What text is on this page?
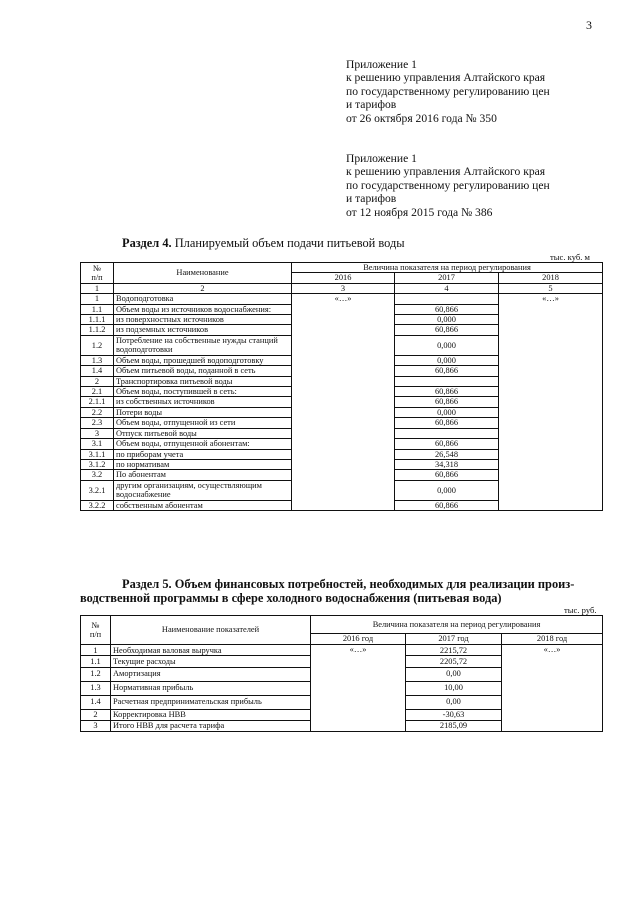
3
Приложение 1
к решению управления Алтайского края
по государственному регулированию цен
и тарифов
от 26 октября 2016 года № 350
Приложение 1
к решению управления Алтайского края
по государственному регулированию цен
и тарифов
от 12 ноября 2015 года № 386
Раздел 4. Планируемый объем подачи питьевой воды
тыс. куб. м
№
п/п	Наименование	Величина показателя на период регулирования		
		2016	2017	2018
1	2	3	4	5
1	Водоподготовка	«…»		«…»
1.1	Объем воды из источников водоснабжения:		60,866	
1.1.1	из поверхностных источников		0,000	
1.1.2	из подземных источников		60,866	
1.2	Потребление на собственные нужды станций водоподготовки		0,000	
1.3	Объем воды, прошедшей водоподготовку		0,000	
1.4	Объем питьевой воды, поданной в сеть		60,866	
2	Транспортировка питьевой воды			
2.1	Объем воды, поступившей в сеть:		60,866	
2.1.1	из собственных источников		60,866	
2.2	Потери воды		0,000	
2.3	Объем воды, отпущенной из сети		60,866	
3	Отпуск питьевой воды			
3.1	Объем воды, отпущенной абонентам:		60,866	
3.1.1	по приборам учета		26,548	
3.1.2	по нормативам		34,318	
3.2	По абонентам		60,866	
3.2.1	другим организациям, осуществляющим водоснабжение		0,000	
3.2.2	собственным абонентам		60,866	
Раздел 5. Объем финансовых потребностей, необходимых для реализации произ-
водственной программы в сфере холодного водоснабжения (питьевая вода)
тыс. руб.
№
п/п	Наименование показателей	Величина показателя на период регулирования		
		2016 год	2017 год	2018 год
1	Необходимая валовая выручка	«…»	2215,72	«…»
1.1	Текущие расходы		2205,72	
1.2	Амортизация		0,00	
1.3	Нормативная прибыль		10,00	
1.4	Расчетная предпринимательская прибыль		0,00	
2	Корректировка НВВ		-30,63	
3	Итого НВВ для расчета тарифа		2185,09	
